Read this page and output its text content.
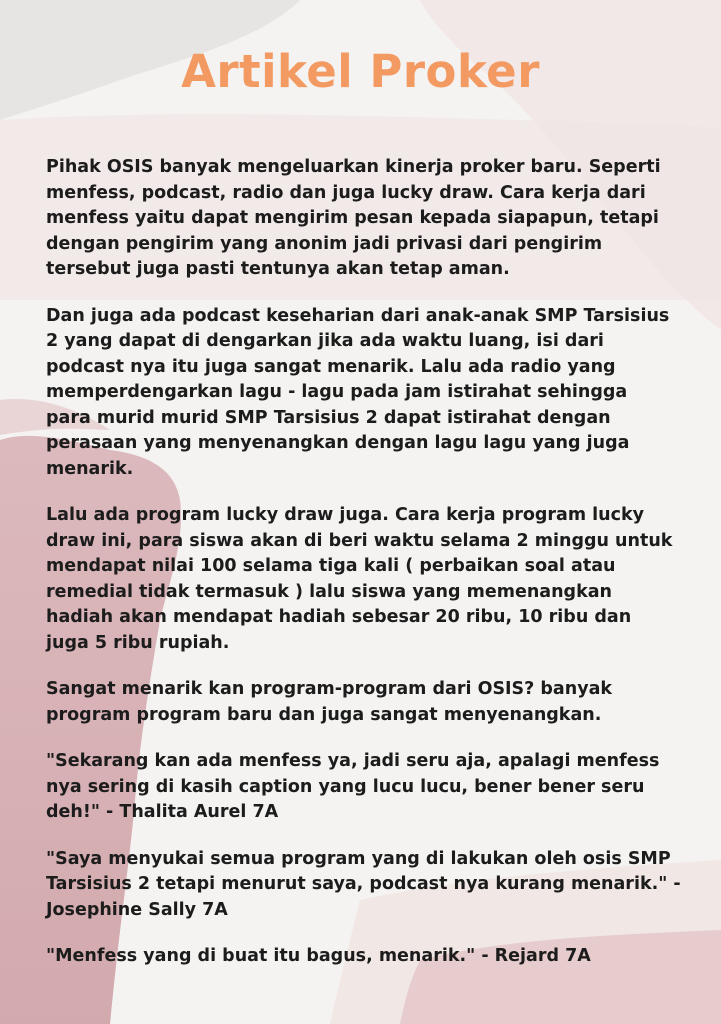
Artikel Proker

Pihak OSIS banyak mengeluarkan kinerja proker baru. Seperti
menfess, podcast, radio dan juga lucky draw. Cara kerja dari
menfess yaitu dapat mengirim pesan kepada siapapun, tetapi
dengan pengirim yang anonim jadi privasi dari pengirim
tersebut juga pasti tentunya akan tetap aman.

Dan juga ada podcast keseharian dari anak-anak SMP Tarsisius
2 yang dapat di dengarkan jika ada waktu luang, isi dari
podcast nya itu juga sangat menarik. Lalu ada radio yang
memperdengarkan lagu - lagu pada jam istirahat sehingga
para murid murid SMP Tarsisius 2 dapat istirahat dengan
perasaan yang menyenangkan dengan lagu lagu yang juga
menarik.

Lalu ada program lucky draw juga. Cara kerja program lucky
draw ini, para siswa akan di beri waktu selama 2 minggu untuk
mendapat nilai 100 selama tiga kali ( perbaikan soal atau
remedial tidak termasuk ) lalu siswa yang memenangkan
hadiah akan mendapat hadiah sebesar 20 ribu, 10 ribu dan
juga 5 ribu rupiah.

Sangat menarik kan program-program dari OSIS? banyak
program program baru dan juga sangat menyenangkan.

"Sekarang kan ada menfess ya, jadi seru aja, apalagi menfess
nya sering di kasih caption yang lucu lucu, bener bener seru
deh!" - Thalita Aurel 7A

"Saya menyukai semua program yang di lakukan oleh osis SMP
Tarsisius 2 tetapi menurut saya, podcast nya kurang menarik." -
Josephine Sally 7A

"Menfess yang di buat itu bagus, menarik." - Rejard 7A
